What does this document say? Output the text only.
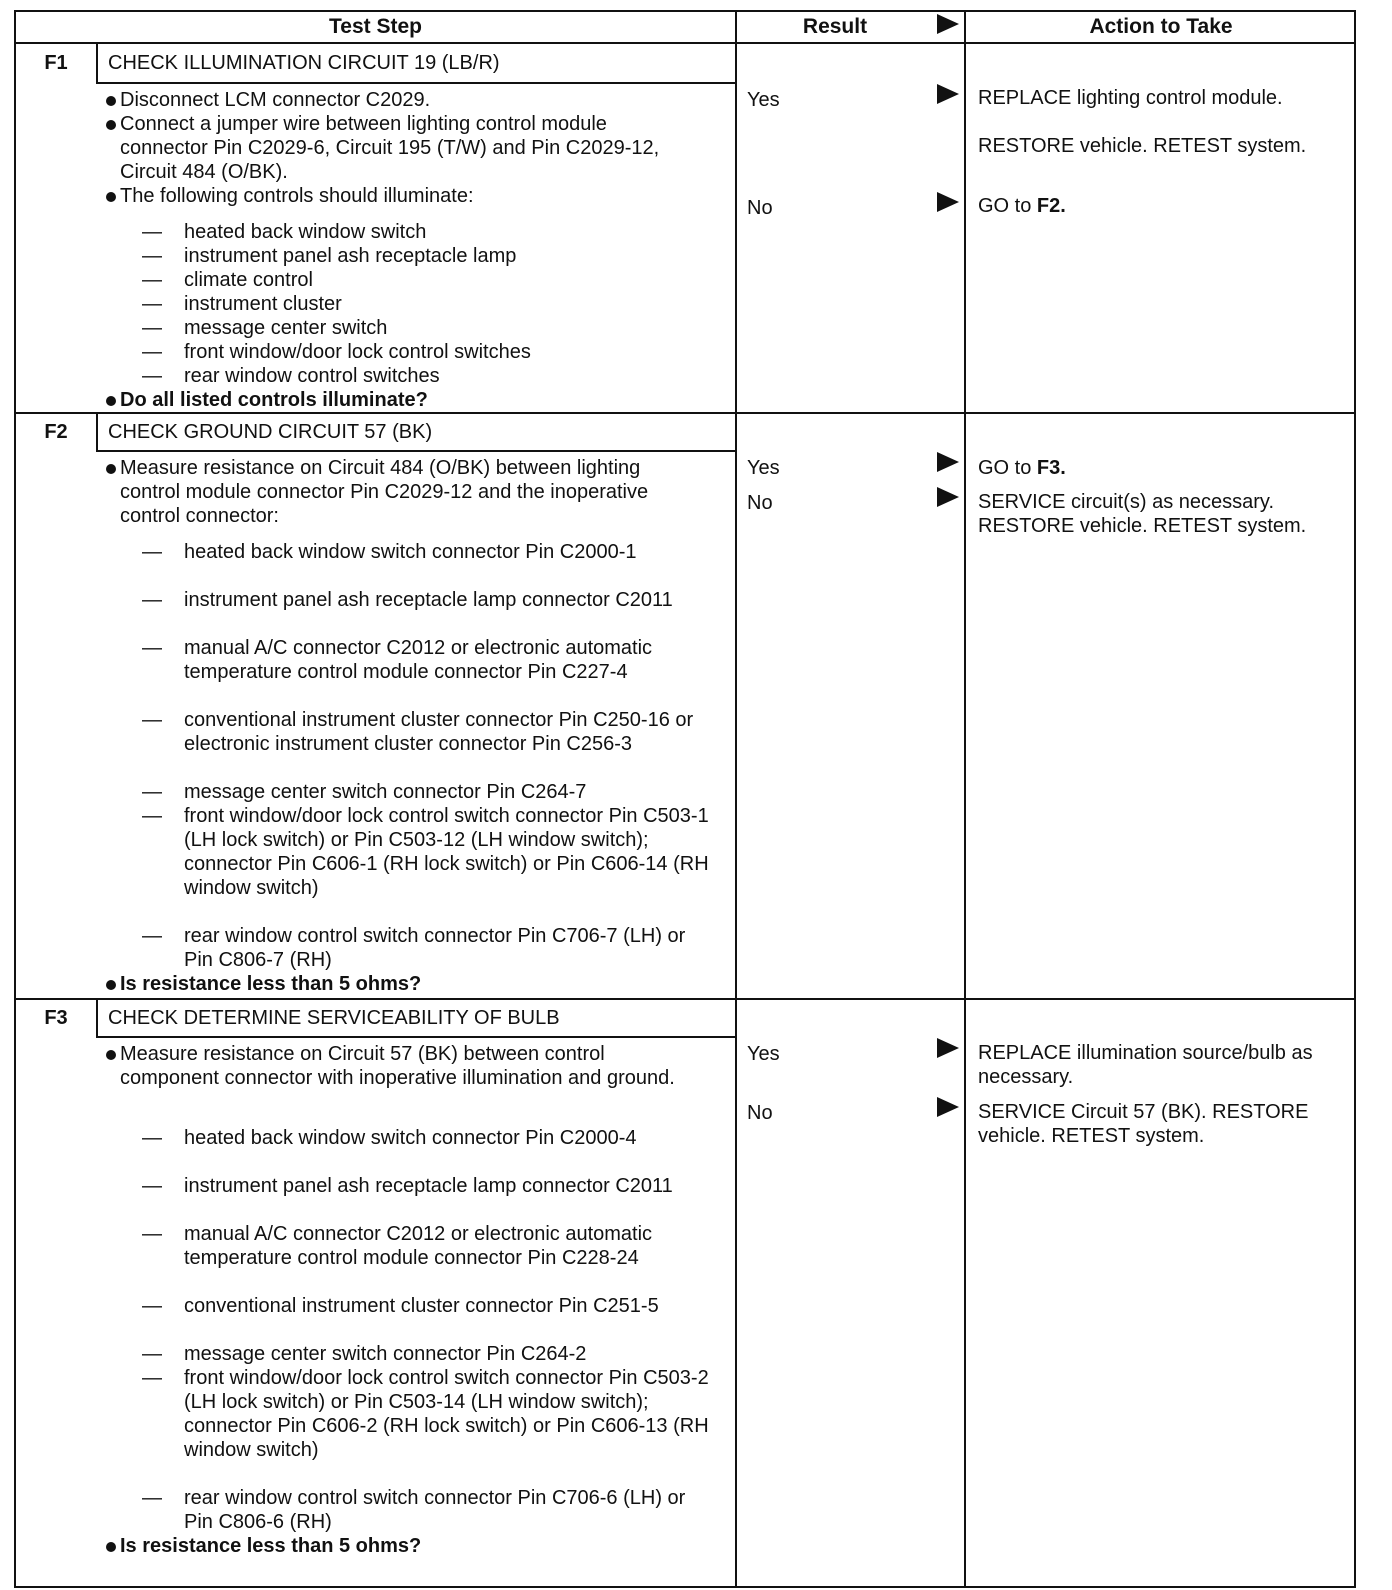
Test Step	Result	Action to Take
F1	CHECK ILLUMINATION CIRCUIT 19 (LB/R)
Disconnect LCM connector C2029.
Connect a jumper wire between lighting control module connector Pin C2029-6, Circuit 195 (T/W) and Pin C2029-12, Circuit 484 (O/BK).
The following controls should illuminate:
— heated back window switch
— instrument panel ash receptacle lamp
— climate control
— instrument cluster
— message center switch
— front window/door lock control switches
— rear window control switches
Do all listed controls illuminate?
Yes	REPLACE lighting control module.
RESTORE vehicle. RETEST system.
No	GO to F2.
F2	CHECK GROUND CIRCUIT 57 (BK)
Measure resistance on Circuit 484 (O/BK) between lighting control module connector Pin C2029-12 and the inoperative control connector:
— heated back window switch connector Pin C2000-1
— instrument panel ash receptacle lamp connector C2011
— manual A/C connector C2012 or electronic automatic temperature control module connector Pin C227-4
— conventional instrument cluster connector Pin C250-16 or electronic instrument cluster connector Pin C256-3
— message center switch connector Pin C264-7
— front window/door lock control switch connector Pin C503-1 (LH lock switch) or Pin C503-12 (LH window switch); connector Pin C606-1 (RH lock switch) or Pin C606-14 (RH window switch)
— rear window control switch connector Pin C706-7 (LH) or Pin C806-7 (RH)
Is resistance less than 5 ohms?
Yes	GO to F3.
No	SERVICE circuit(s) as necessary. RESTORE vehicle. RETEST system.
F3	CHECK DETERMINE SERVICEABILITY OF BULB
Measure resistance on Circuit 57 (BK) between control component connector with inoperative illumination and ground.
— heated back window switch connector Pin C2000-4
— instrument panel ash receptacle lamp connector C2011
— manual A/C connector C2012 or electronic automatic temperature control module connector Pin C228-24
— conventional instrument cluster connector Pin C251-5
— message center switch connector Pin C264-2
— front window/door lock control switch connector Pin C503-2 (LH lock switch) or Pin C503-14 (LH window switch); connector Pin C606-2 (RH lock switch) or Pin C606-13 (RH window switch)
— rear window control switch connector Pin C706-6 (LH) or Pin C806-6 (RH)
Is resistance less than 5 ohms?
Yes	REPLACE illumination source/bulb as necessary.
No	SERVICE Circuit 57 (BK). RESTORE vehicle. RETEST system.
